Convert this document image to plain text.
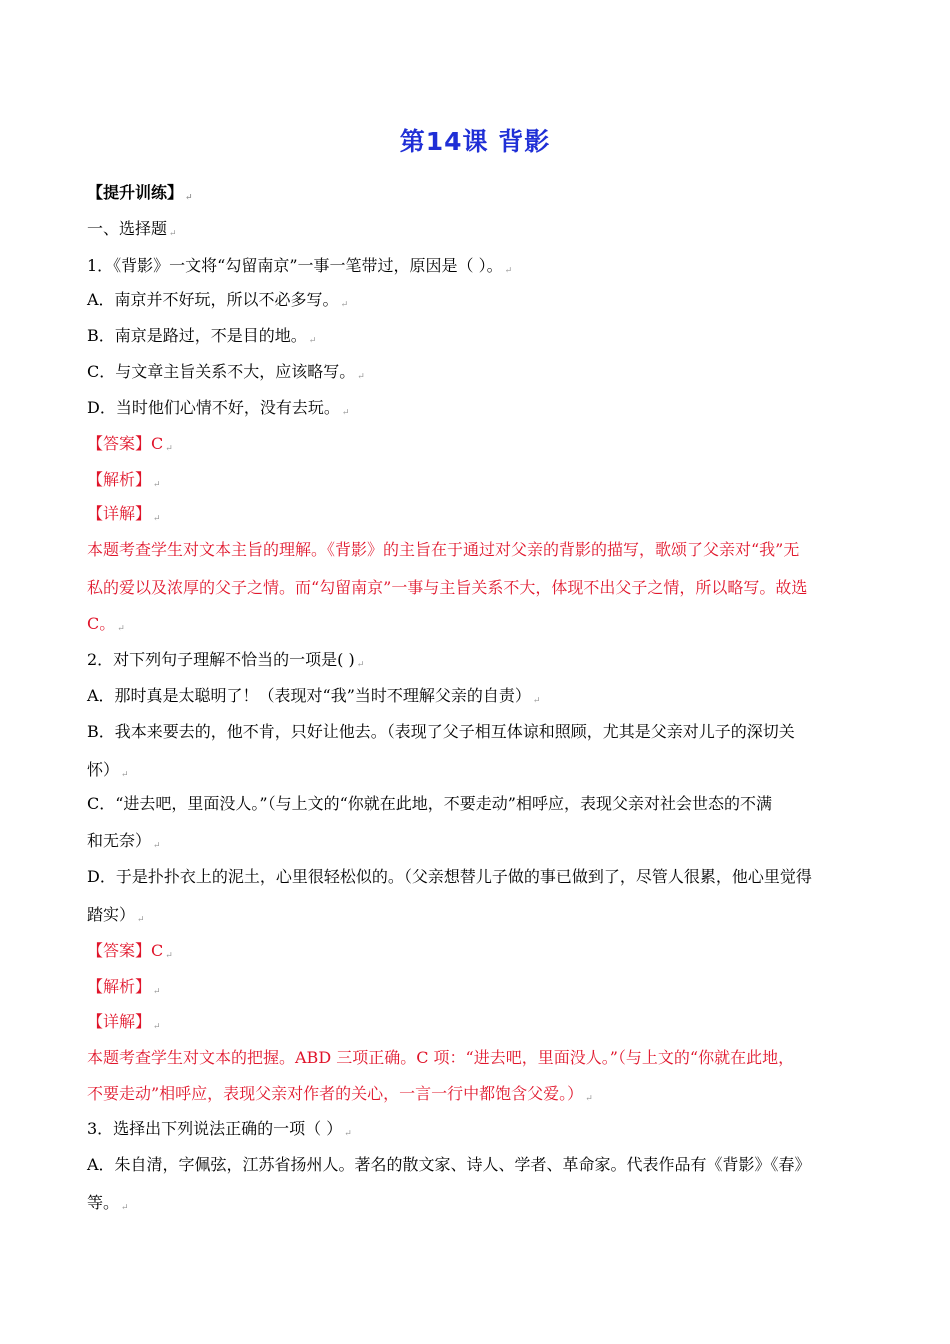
第14课 背影
【提升训练】 ↵
一、选择题 ↵
1．《背影》一文将“勾留南京”一事一笔带过，原因是（ ）。 ↵
A．南京并不好玩，所以不必多写。 ↵
B．南京是路过，不是目的地。 ↵
C．与文章主旨关系不大，应该略写。 ↵
D．当时他们心情不好，没有去玩。 ↵
【答案】C ↵
【解析】 ↵
【详解】 ↵
本题考查学生对文本主旨的理解。《背影》的主旨在于通过对父亲的背影的描写，歌颂了父亲对“我”无
私的爱以及浓厚的父子之情。而“勾留南京”一事与主旨关系不大，体现不出父子之情，所以略写。故选
C。 ↵
2．对下列句子理解不恰当的一项是( ) ↵
A．那时真是太聪明了！（表现对“我”当时不理解父亲的自责） ↵
B．我本来要去的，他不肯，只好让他去。（表现了父子相互体谅和照顾，尤其是父亲对儿子的深切关
怀） ↵
C．“进去吧，里面没人。”（与上文的“你就在此地，不要走动”相呼应，表现父亲对社会世态的不满
和无奈） ↵
D．于是扑扑衣上的泥土，心里很轻松似的。（父亲想替儿子做的事已做到了，尽管人很累，他心里觉得
踏实） ↵
【答案】C ↵
【解析】 ↵
【详解】 ↵
本题考查学生对文本的把握。ABD 三项正确。C 项：“进去吧，里面没人。”（与上文的“你就在此地，
不要走动”相呼应，表现父亲对作者的关心，一言一行中都饱含父爱。） ↵
3．选择出下列说法正确的一项（ ） ↵
A．朱自清，字佩弦，江苏省扬州人。著名的散文家、诗人、学者、革命家。代表作品有《背影》《春》
等。 ↵
